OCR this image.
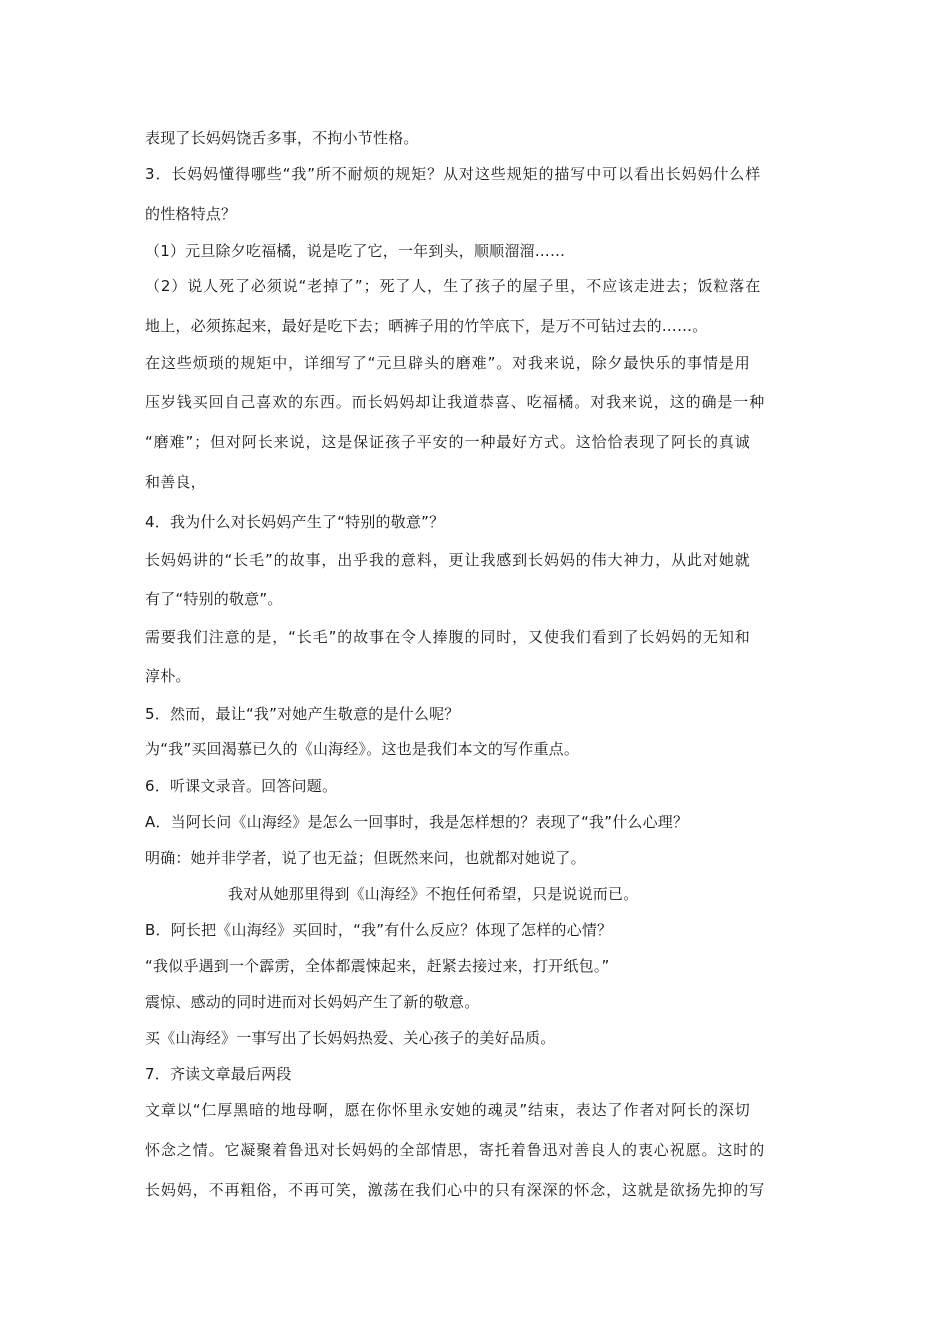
表现了长妈妈饶舌多事，不拘小节性格。
3．长妈妈懂得哪些“我”所不耐烦的规矩？从对这些规矩的描写中可以看出长妈妈什么样
的性格特点？
（1）元旦除夕吃福橘，说是吃了它，一年到头，顺顺溜溜……
（2）说人死了必须说“老掉了”；死了人，生了孩子的屋子里，不应该走进去；饭粒落在
地上，必须拣起来，最好是吃下去；晒裤子用的竹竿底下，是万不可钻过去的……。
在这些烦琐的规矩中，详细写了“元旦辟头的磨难”。对我来说，除夕最快乐的事情是用
压岁钱买回自己喜欢的东西。而长妈妈却让我道恭喜、吃福橘。对我来说，这的确是一种
“磨难”；但对阿长来说，这是保证孩子平安的一种最好方式。这恰恰表现了阿长的真诚
和善良，
4．我为什么对长妈妈产生了“特别的敬意”？
长妈妈讲的“长毛”的故事，出乎我的意料，更让我感到长妈妈的伟大神力，从此对她就
有了“特别的敬意”。
需要我们注意的是，“长毛”的故事在令人捧腹的同时，又使我们看到了长妈妈的无知和
淳朴。
5．然而，最让“我”对她产生敬意的是什么呢？
为“我”买回渴慕已久的《山海经》。这也是我们本文的写作重点。
6．听课文录音。回答问题。
A．当阿长问《山海经》是怎么一回事时，我是怎样想的？表现了“我”什么心理？
明确：她并非学者，说了也无益；但既然来问，也就都对她说了。
我对从她那里得到《山海经》不抱任何希望，只是说说而已。
B．阿长把《山海经》买回时，“我”有什么反应？体现了怎样的心情？
“我似乎遇到一个霹雳，全体都震悚起来，赶紧去接过来，打开纸包。”
震惊、感动的同时进而对长妈妈产生了新的敬意。
买《山海经》一事写出了长妈妈热爱、关心孩子的美好品质。
7．齐读文章最后两段
文章以“仁厚黑暗的地母啊，愿在你怀里永安她的魂灵”结束，表达了作者对阿长的深切
怀念之情。它凝聚着鲁迅对长妈妈的全部情思，寄托着鲁迅对善良人的衷心祝愿。这时的
长妈妈，不再粗俗，不再可笑，激荡在我们心中的只有深深的怀念，这就是欲扬先抑的写
